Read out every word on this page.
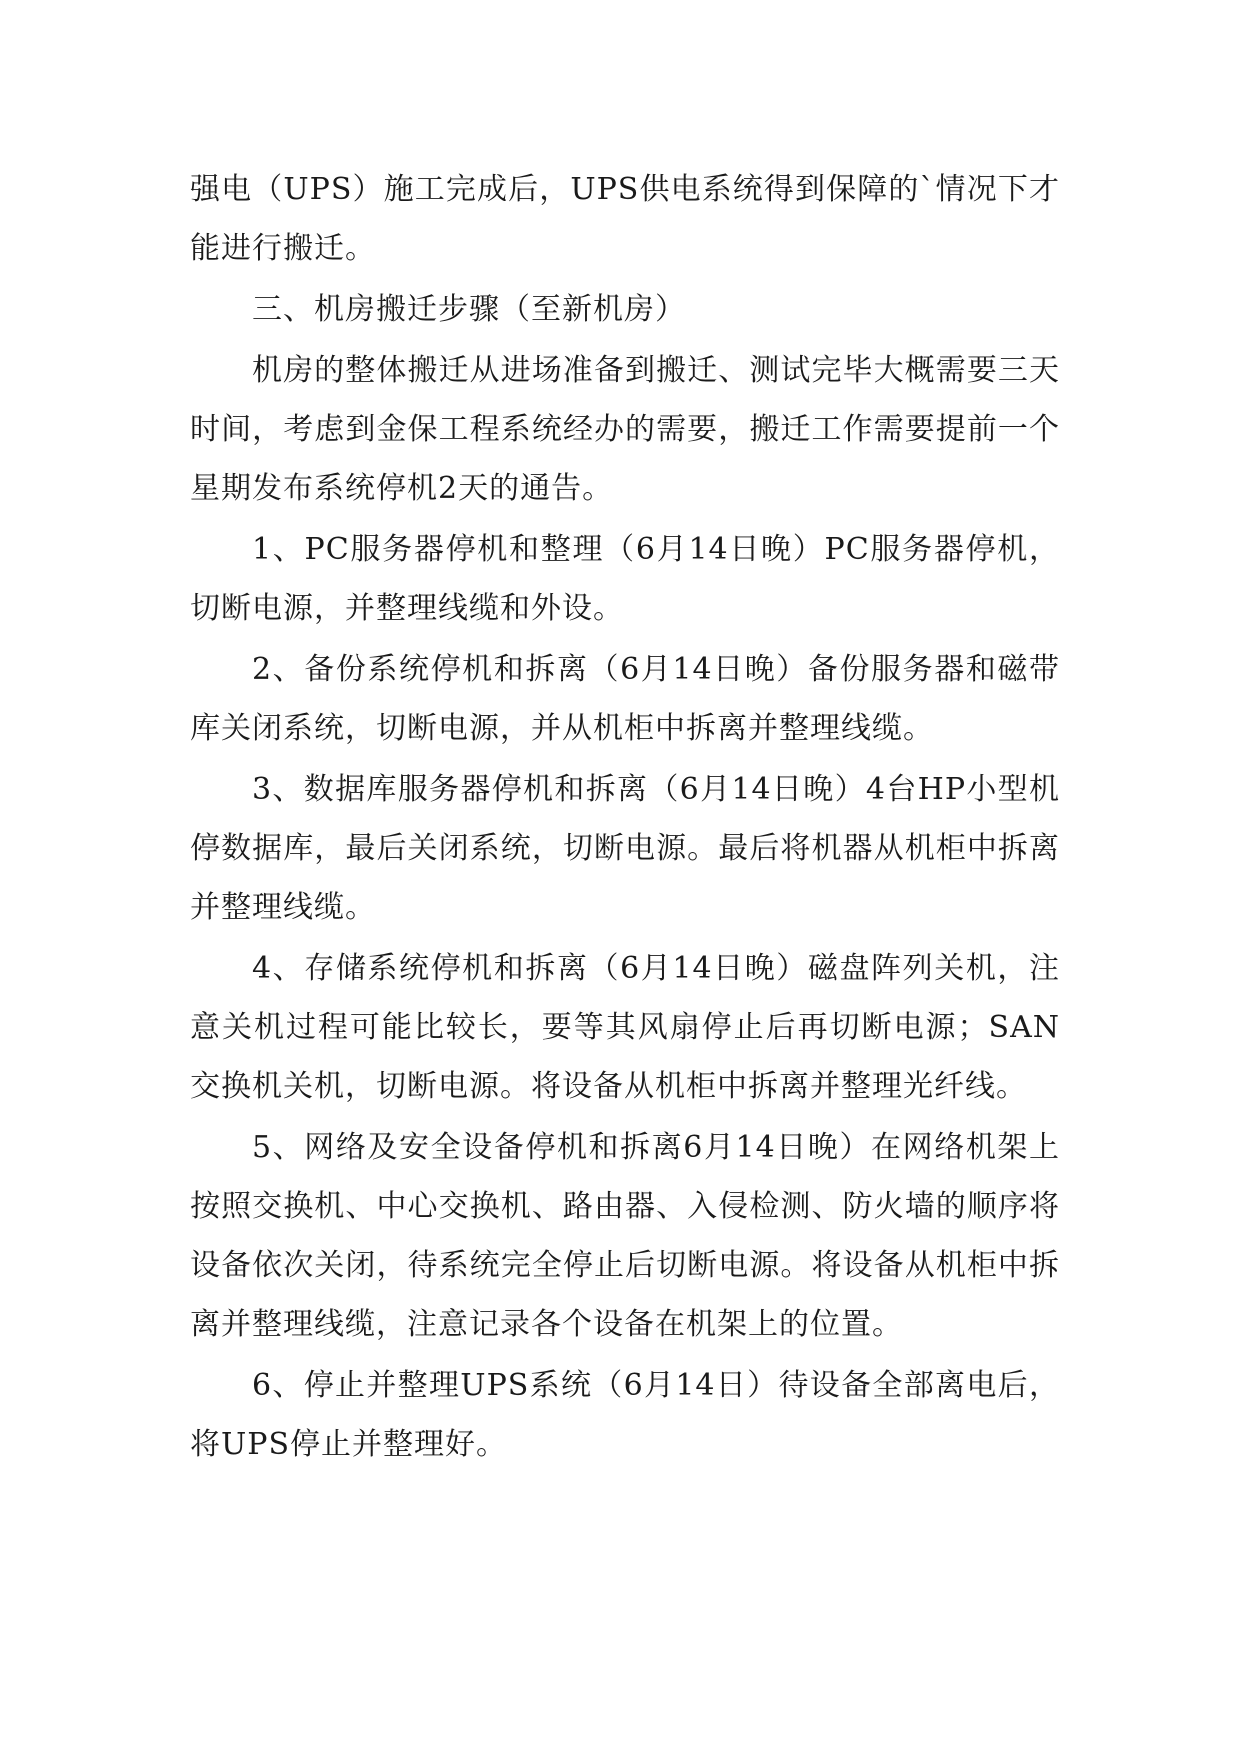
强电（UPS）施工完成后，UPS供电系统得到保障的`情况下才能进行搬迁。

三、机房搬迁步骤（至新机房）

机房的整体搬迁从进场准备到搬迁、测试完毕大概需要三天时间，考虑到金保工程系统经办的需要，搬迁工作需要提前一个星期发布系统停机2天的通告。

1、PC服务器停机和整理（6月14日晚）PC服务器停机，切断电源，并整理线缆和外设。

2、备份系统停机和拆离（6月14日晚）备份服务器和磁带库关闭系统，切断电源，并从机柜中拆离并整理线缆。

3、数据库服务器停机和拆离（6月14日晚）4台HP小型机停数据库，最后关闭系统，切断电源。最后将机器从机柜中拆离并整理线缆。

4、存储系统停机和拆离（6月14日晚）磁盘阵列关机，注意关机过程可能比较长，要等其风扇停止后再切断电源；SAN交换机关机，切断电源。将设备从机柜中拆离并整理光纤线。

5、网络及安全设备停机和拆离6月14日晚）在网络机架上按照交换机、中心交换机、路由器、入侵检测、防火墙的顺序将设备依次关闭，待系统完全停止后切断电源。将设备从机柜中拆离并整理线缆，注意记录各个设备在机架上的位置。

6、停止并整理UPS系统（6月14日）待设备全部离电后，将UPS停止并整理好。
